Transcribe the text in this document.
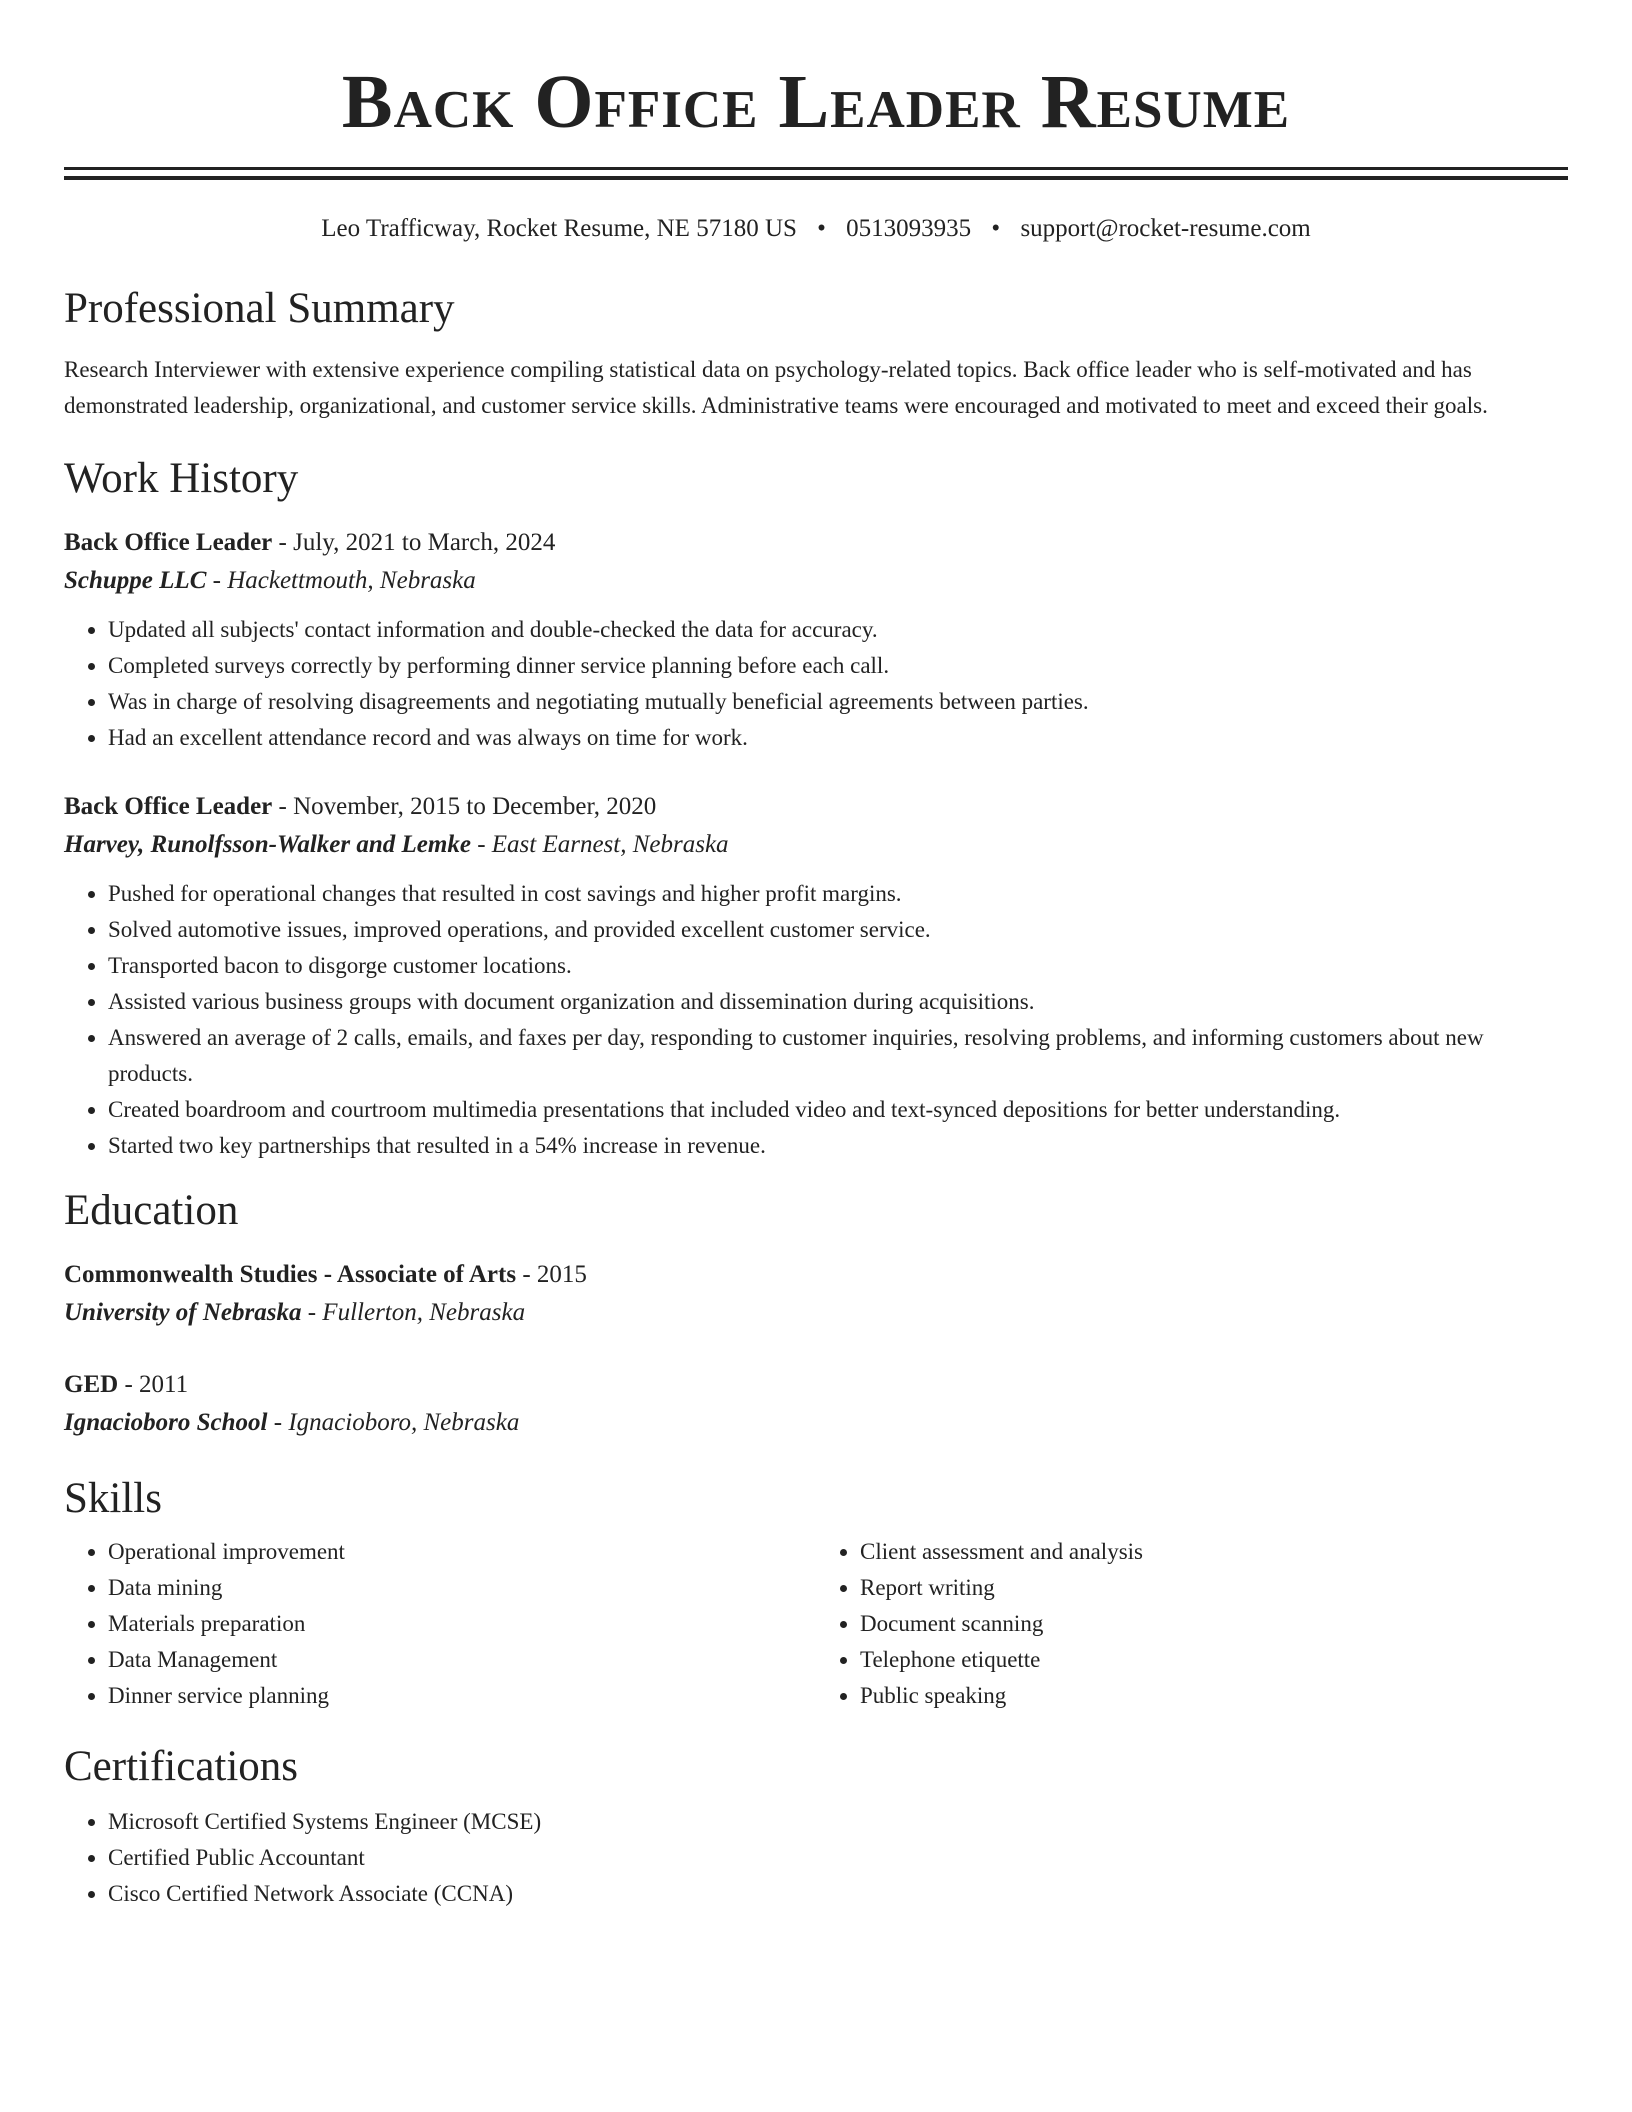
Back Office Leader Resume
Leo Trafficway, Rocket Resume, NE 57180 US • 0513093935 • support@rocket-resume.com
Professional Summary

Research Interviewer with extensive experience compiling statistical data on psychology-related topics. Back office leader who is self-motivated and has demonstrated leadership, organizational, and customer service skills. Administrative teams were encouraged and motivated to meet and exceed their goals.

Work History

Back Office Leader - July, 2021 to March, 2024

Schuppe LLC - Hackettmouth, Nebraska

• Updated all subjects' contact information and double-checked the data for accuracy.
• Completed surveys correctly by performing dinner service planning before each call.
• Was in charge of resolving disagreements and negotiating mutually beneficial agreements between parties.
• Had an excellent attendance record and was always on time for work.

Back Office Leader - November, 2015 to December, 2020

Harvey, Runolfsson-Walker and Lemke - East Earnest, Nebraska

• Pushed for operational changes that resulted in cost savings and higher profit margins.
• Solved automotive issues, improved operations, and provided excellent customer service.
• Transported bacon to disgorge customer locations.
• Assisted various business groups with document organization and dissemination during acquisitions.
• Answered an average of 2 calls, emails, and faxes per day, responding to customer inquiries, resolving problems, and informing customers about new products.
• Created boardroom and courtroom multimedia presentations that included video and text-synced depositions for better understanding.
• Started two key partnerships that resulted in a 54% increase in revenue.
Education

Commonwealth Studies - Associate of Arts - 2015

University of Nebraska - Fullerton, Nebraska

GED - 2011

Ignacioboro School - Ignacioboro, Nebraska

Skills
• Operational improvement
• Data mining
• Materials preparation
• Data Management
• Dinner service planning
• Client assessment and analysis
• Report writing
• Document scanning
• Telephone etiquette
• Public speaking
Certifications
• Microsoft Certified Systems Engineer (MCSE)
• Certified Public Accountant
• Cisco Certified Network Associate (CCNA)
